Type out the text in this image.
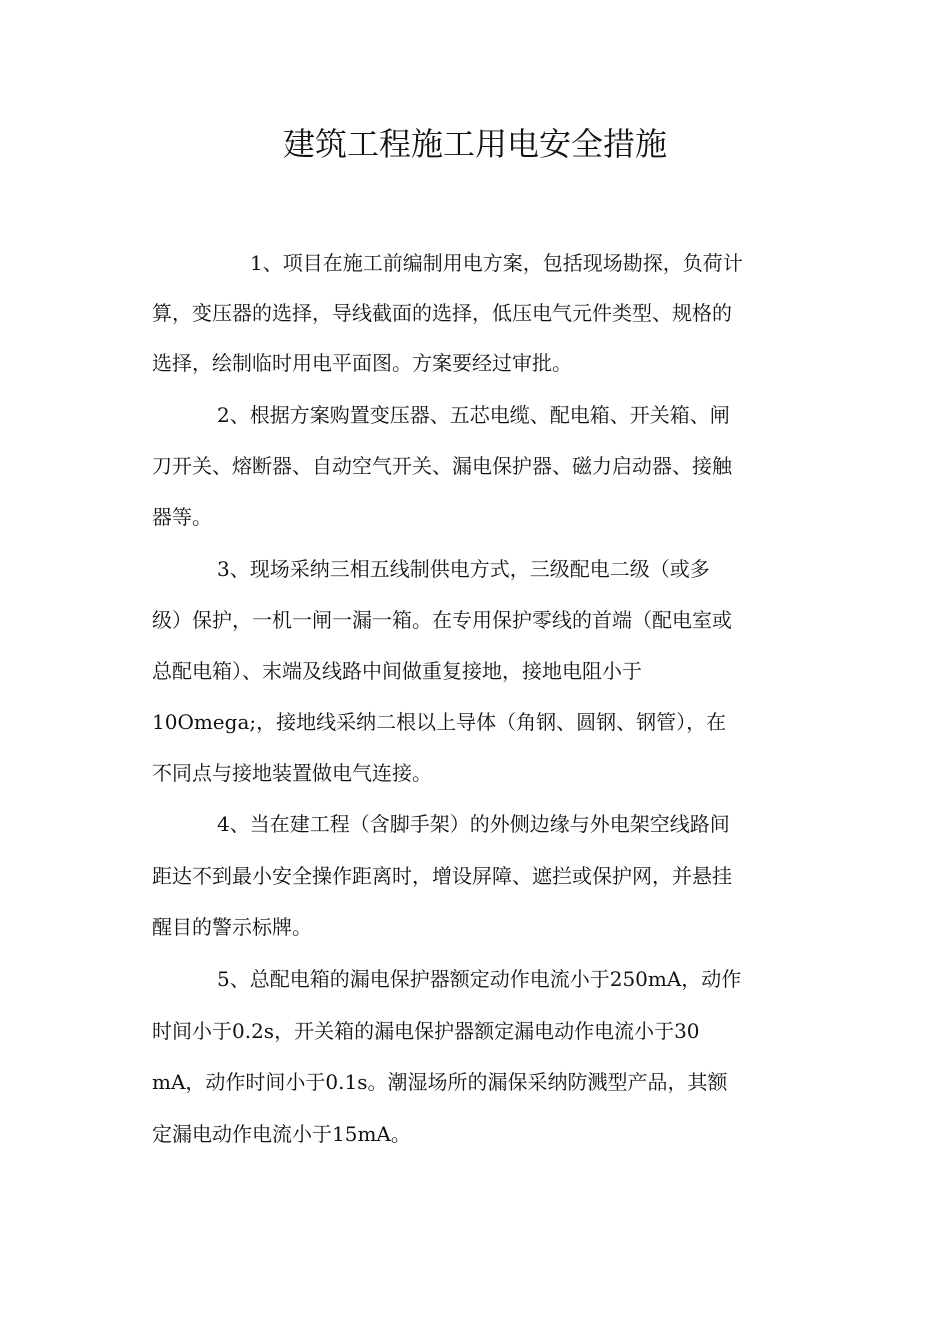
建筑工程施工用电安全措施
1、项目在施工前编制用电方案，包括现场勘探，负荷计
算，变压器的选择，导线截面的选择，低压电气元件类型、规格的
选择，绘制临时用电平面图。方案要经过审批。
2、根据方案购置变压器、五芯电缆、配电箱、开关箱、闸
刀开关、熔断器、自动空气开关、漏电保护器、磁力启动器、接触
器等。
3、现场采纳三相五线制供电方式，三级配电二级（或多
级）保护，一机一闸一漏一箱。在专用保护零线的首端（配电室或
总配电箱）、末端及线路中间做重复接地，接地电阻小于
10Omega;，接地线采纳二根以上导体（角钢、圆钢、钢管），在
不同点与接地装置做电气连接。
4、当在建工程（含脚手架）的外侧边缘与外电架空线路间
距达不到最小安全操作距离时，增设屏障、遮拦或保护网，并悬挂
醒目的警示标牌。
5、总配电箱的漏电保护器额定动作电流小于250mA，动作
时间小于0.2s，开关箱的漏电保护器额定漏电动作电流小于30
mA，动作时间小于0.1s。潮湿场所的漏保采纳防溅型产品，其额
定漏电动作电流小于15mA。
